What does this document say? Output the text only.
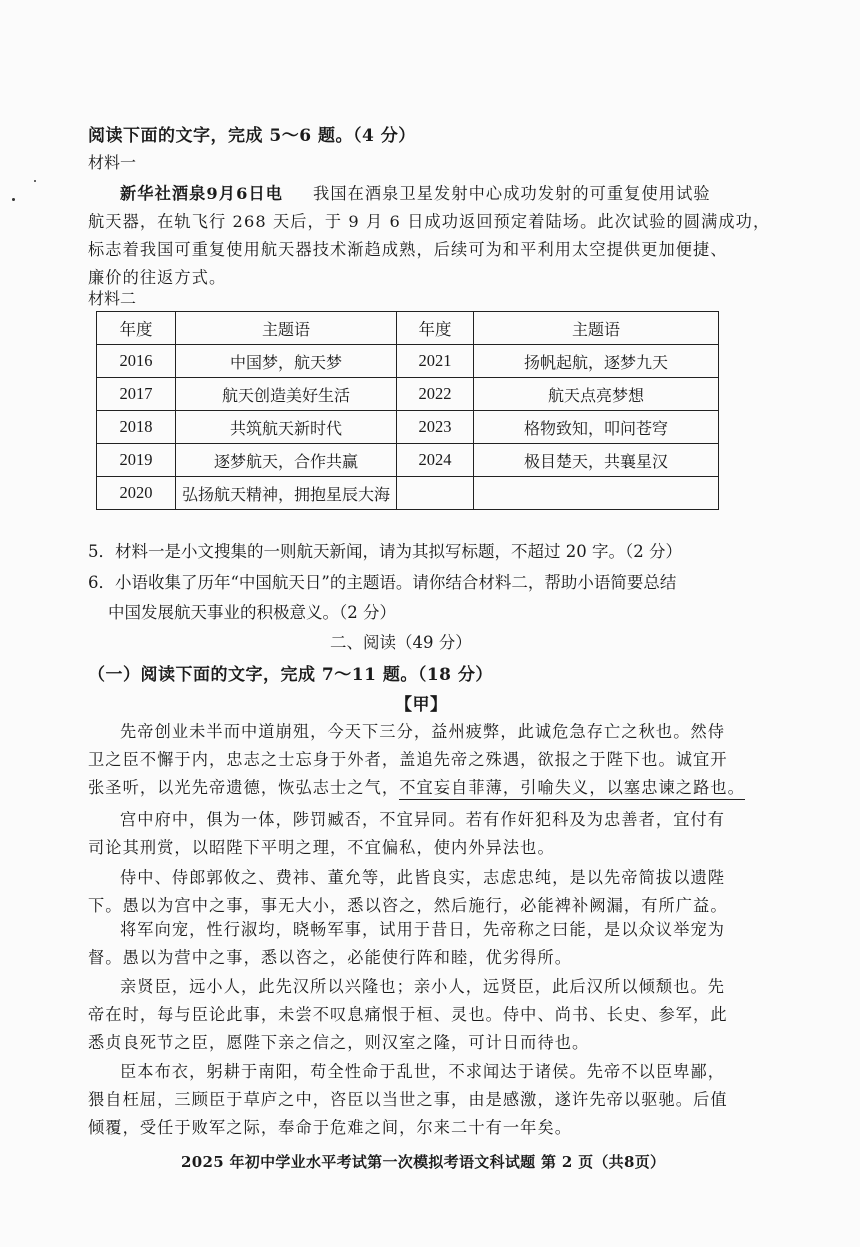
阅读下面的文字，完成 5～6 题。（4 分）
材料一
新华社酒泉9月6日电 我国在酒泉卫星发射中心成功发射的可重复使用试验
航天器，在轨飞行 268 天后，于 9 月 6 日成功返回预定着陆场。此次试验的圆满成功，
标志着我国可重复使用航天器技术渐趋成熟，后续可为和平利用太空提供更加便捷、
廉价的往返方式。
材料二
年度	主题语	年度	主题语
2016	中国梦，航天梦	2021	扬帆起航，逐梦九天
2017	航天创造美好生活	2022	航天点亮梦想
2018	共筑航天新时代	2023	格物致知，叩问苍穹
2019	逐梦航天，合作共赢	2024	极目楚天，共襄星汉
2020	弘扬航天精神，拥抱星辰大海		
5．材料一是小文搜集的一则航天新闻，请为其拟写标题，不超过 20 字。（2 分）
6．小语收集了历年“中国航天日”的主题语。请你结合材料二，帮助小语简要总结
中国发展航天事业的积极意义。（2 分）
二、阅读（49 分）
（一）阅读下面的文字，完成 7～11 题。（18 分）
【甲】
先帝创业未半而中道崩殂，今天下三分，益州疲弊，此诚危急存亡之秋也。然侍
卫之臣不懈于内，忠志之士忘身于外者，盖追先帝之殊遇，欲报之于陛下也。诚宜开
张圣听，以光先帝遗德，恢弘志士之气，不宜妄自菲薄，引喻失义，以塞忠谏之路也。
宫中府中，俱为一体，陟罚臧否，不宜异同。若有作奸犯科及为忠善者，宜付有
司论其刑赏，以昭陛下平明之理，不宜偏私，使内外异法也。
侍中、侍郎郭攸之、费祎、董允等，此皆良实，志虑忠纯，是以先帝简拔以遗陛
下。愚以为宫中之事，事无大小，悉以咨之，然后施行，必能裨补阙漏，有所广益。
将军向宠，性行淑均，晓畅军事，试用于昔日，先帝称之曰能，是以众议举宠为
督。愚以为营中之事，悉以咨之，必能使行阵和睦，优劣得所。
亲贤臣，远小人，此先汉所以兴隆也；亲小人，远贤臣，此后汉所以倾颓也。先
帝在时，每与臣论此事，未尝不叹息痛恨于桓、灵也。侍中、尚书、长史、参军，此
悉贞良死节之臣，愿陛下亲之信之，则汉室之隆，可计日而待也。
臣本布衣，躬耕于南阳，苟全性命于乱世，不求闻达于诸侯。先帝不以臣卑鄙，
猥自枉屈，三顾臣于草庐之中，咨臣以当世之事，由是感激，遂许先帝以驱驰。后值
倾覆，受任于败军之际，奉命于危难之间，尔来二十有一年矣。
2025 年初中学业水平考试第一次模拟考语文科试题 第 2 页（共8页）
